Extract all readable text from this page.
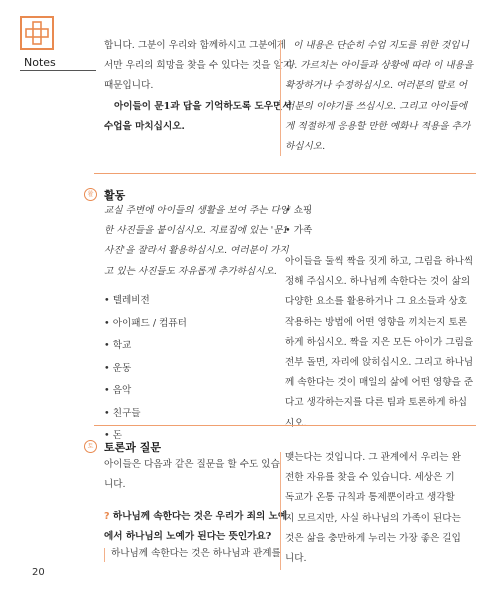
Notes
합니다. 그분이 우리와 함께하시고 그분에게
서만 우리의 희망을 찾을 수 있다는 것을 알기
때문입니다.
아이들이 문1과 답을 기억하도록 도우면서
수업을 마치십시오.
이 내용은 단순히 수업 지도를 위한 것입니
다. 가르치는 아이들과 상황에 따라 이 내용을
확장하거나 수정하십시오. 여러분의 말로 어
러분의 이야기를 쓰십시오. 그리고 아이들에
게 적절하게 응용할 만한 예화나 적용을 추가
하십시오.
활 활동
교실 주변에 아이들의 생활을 보여 주는 다양
한 사진들을 붙이십시오. 지료집에 있는 '문1
사진'을 잘라서 활용하십시오. 여러분이 가지
고 있는 사진들도 자유롭게 추가하십시오.
• 텔레비전
• 아이패드 / 컴퓨터
• 학교
• 운동
• 음악
• 친구들
• 돈
• 쇼핑
• 가족
아이들을 둘씩 짝을 짓게 하고, 그림을 하나씩
정해 주십시오. 하나님께 속한다는 것이 삶의
다양한 요소를 활용하거나 그 요소들과 상호
작용하는 방법에 어떤 영향을 끼치는지 토론
하게 하십시오. 짝을 지은 모든 아이가 그림을
전부 돌면, 자리에 앉히십시오. 그리고 하나님
께 속한다는 것이 매일의 삶에 어떤 영향을 준
다고 생각하는지를 다른 팀과 토론하게 하십
시오.
토 토론과 질문
아이들은 다음과 같은 질문을 할 수도 있습
니다.
? 하나님께 속한다는 것은 우리가 죄의 노예
에서 하나님의 노예가 된다는 뜻인가요?
하나님께 속한다는 것은 하나님과 관계를
맺는다는 것입니다. 그 관계에서 우리는 완
전한 자유를 찾을 수 있습니다. 세상은 기
독교가 온통 규칙과 통제뿐이라고 생각할
지 모르지만, 사실 하나님의 가족이 된다는
것은 삶을 충만하게 누리는 가장 좋은 길입
니다.
20
